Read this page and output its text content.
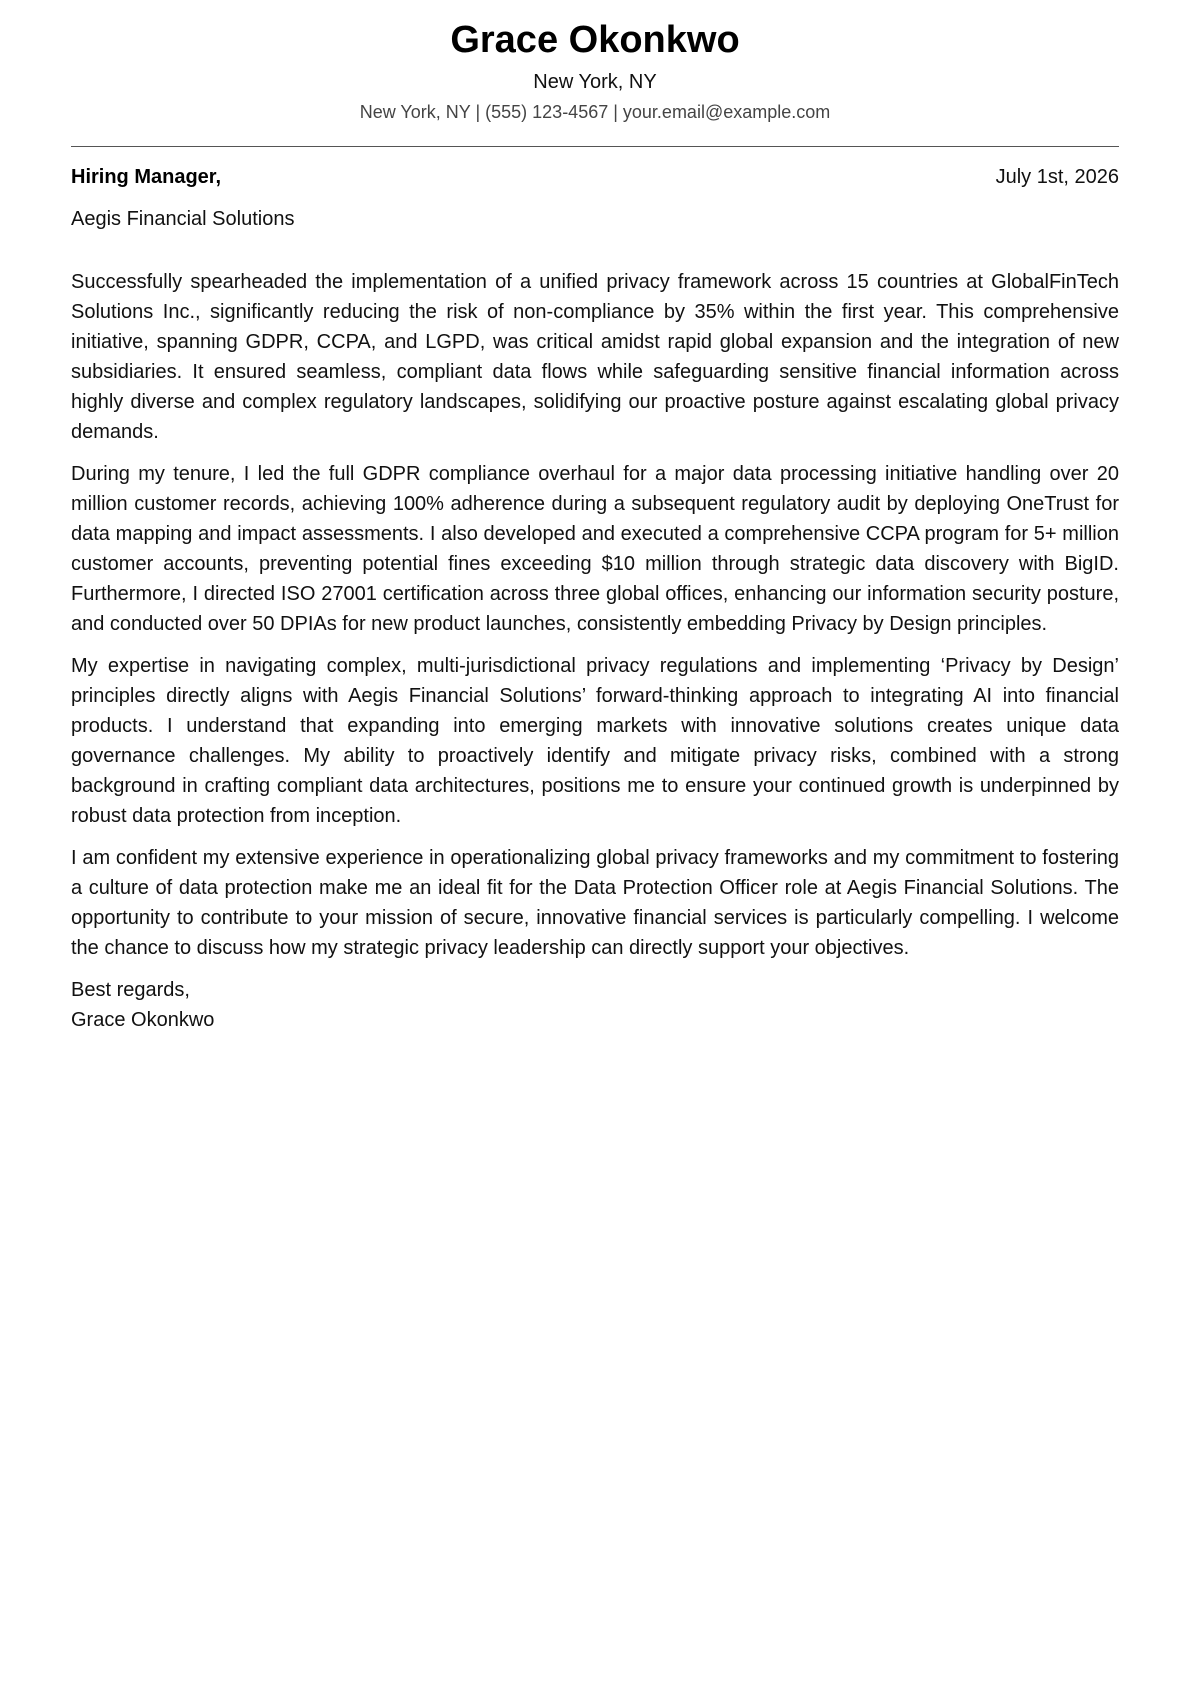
Grace Okonkwo
New York, NY
New York, NY | (555) 123-4567 | your.email@example.com
Hiring Manager,	July 1st, 2026
Aegis Financial Solutions

Successfully spearheaded the implementation of a unified privacy framework across 15 countries at GlobalFinTech Solutions Inc., significantly reducing the risk of non-compliance by 35% within the first year. This comprehensive initiative, spanning GDPR, CCPA, and LGPD, was critical amidst rapid global expansion and the integration of new subsidiaries. It ensured seamless, compliant data flows while safeguarding sensitive financial information across highly diverse and complex regulatory landscapes, solidifying our proactive posture against escalating global privacy demands.

During my tenure, I led the full GDPR compliance overhaul for a major data processing initiative handling over 20 million customer records, achieving 100% adherence during a subsequent regulatory audit by deploying OneTrust for data mapping and impact assessments. I also developed and executed a comprehensive CCPA program for 5+ million customer accounts, preventing potential fines exceeding $10 million through strategic data discovery with BigID. Furthermore, I directed ISO 27001 certification across three global offices, enhancing our information security posture, and conducted over 50 DPIAs for new product launches, consistently embedding Privacy by Design principles.

My expertise in navigating complex, multi-jurisdictional privacy regulations and implementing ‘Privacy by Design’ principles directly aligns with Aegis Financial Solutions’ forward-thinking approach to integrating AI into financial products. I understand that expanding into emerging markets with innovative solutions creates unique data governance challenges. My ability to proactively identify and mitigate privacy risks, combined with a strong background in crafting compliant data architectures, positions me to ensure your continued growth is underpinned by robust data protection from inception.

I am confident my extensive experience in operationalizing global privacy frameworks and my commitment to fostering a culture of data protection make me an ideal fit for the Data Protection Officer role at Aegis Financial Solutions. The opportunity to contribute to your mission of secure, innovative financial services is particularly compelling. I welcome the chance to discuss how my strategic privacy leadership can directly support your objectives.

Best regards,
Grace Okonkwo
